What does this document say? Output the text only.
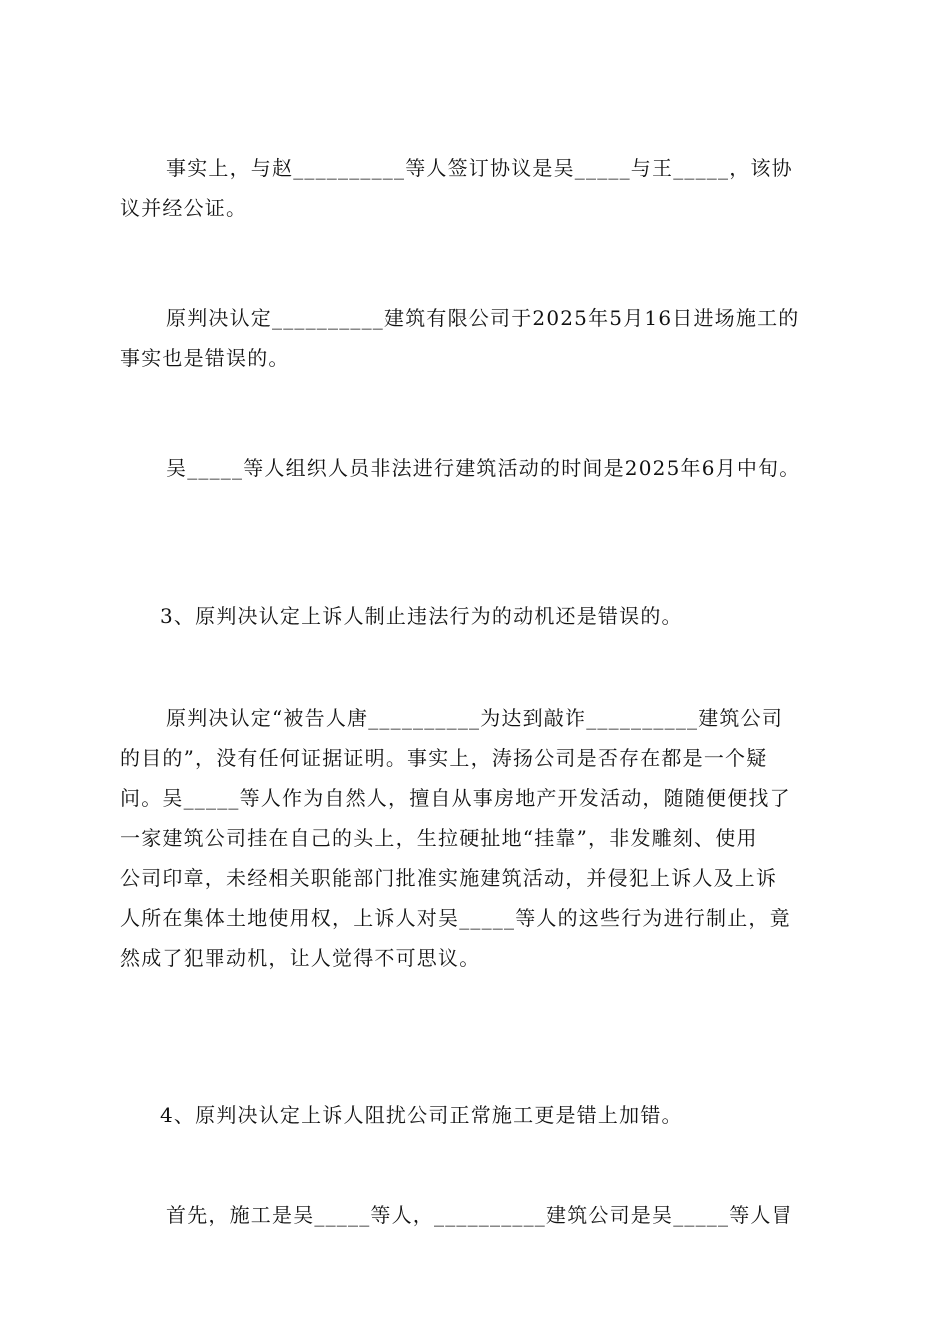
事实上，与赵__________等人签订协议是吴_____与王_____，该协
议并经公证。
原判决认定__________建筑有限公司于2025年5月16日进场施工的
事实也是错误的。
吴_____等人组织人员非法进行建筑活动的时间是2025年6月中旬。
3、原判决认定上诉人制止违法行为的动机还是错误的。
原判决认定“被告人唐__________为达到敲诈__________建筑公司
的目的”，没有任何证据证明。事实上，涛扬公司是否存在都是一个疑
问。吴_____等人作为自然人，擅自从事房地产开发活动，随随便便找了
一家建筑公司挂在自己的头上，生拉硬扯地“挂靠”，非发雕刻、使用
公司印章，未经相关职能部门批准实施建筑活动，并侵犯上诉人及上诉
人所在集体土地使用权，上诉人对吴_____等人的这些行为进行制止，竟
然成了犯罪动机，让人觉得不可思议。
4、原判决认定上诉人阻扰公司正常施工更是错上加错。
首先，施工是吴_____等人，__________建筑公司是吴_____等人冒
